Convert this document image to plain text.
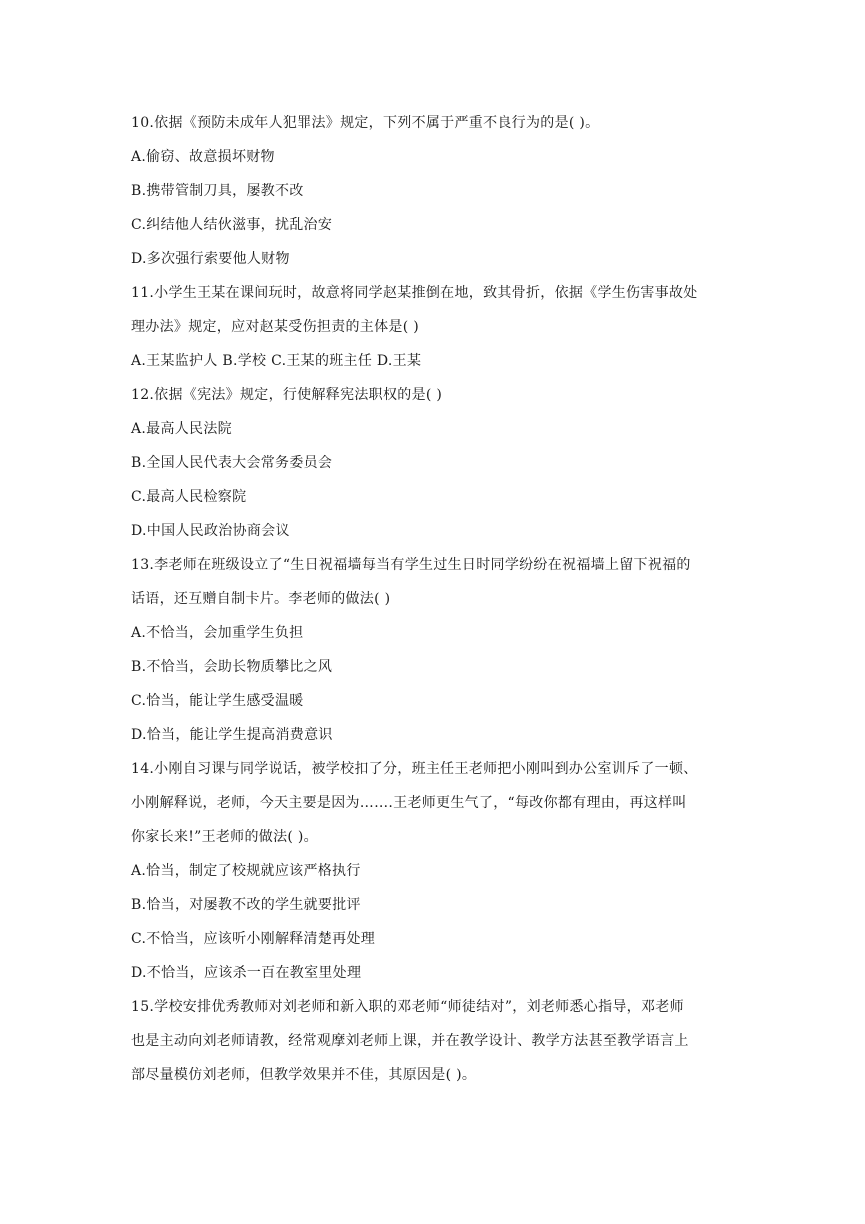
10.依据《预防未成年人犯罪法》规定，下列不属于严重不良行为的是( )。
A.偷窃、故意损坏财物
B.携带管制刀具，屡教不改
C.纠结他人结伙滋事，扰乱治安
D.多次强行索要他人财物
11.小学生王某在课间玩时，故意将同学赵某推倒在地，致其骨折，依据《学生伤害事故处
理办法》规定，应对赵某受伤担责的主体是( )
A.王某监护人 B.学校 C.王某的班主任 D.王某
12.依据《宪法》规定，行使解释宪法职权的是( )
A.最高人民法院
B.全国人民代表大会常务委员会
C.最高人民检察院
D.中国人民政治协商会议
13.李老师在班级设立了“生日祝福墙每当有学生过生日时同学纷纷在祝福墙上留下祝福的
话语，还互赠自制卡片。李老师的做法( )
A.不恰当，会加重学生负担
B.不恰当，会助长物质攀比之风
C.恰当，能让学生感受温暖
D.恰当，能让学生提高消费意识
14.小刚自习课与同学说话，被学校扣了分，班主任王老师把小刚叫到办公室训斥了一顿、
小刚解释说，老师，今天主要是因为…….王老师更生气了，“每改你都有理由，再这样叫
你家长来!”王老师的做法( )。
A.恰当，制定了校规就应该严格执行
B.恰当，对屡教不改的学生就要批评
C.不恰当，应该听小刚解释清楚再处理
D.不恰当，应该杀一百在教室里处理
15.学校安排优秀教师对刘老师和新入职的邓老师“师徒结对”，刘老师悉心指导，邓老师
也是主动向刘老师请教，经常观摩刘老师上课，并在教学设计、教学方法甚至教学语言上
部尽量模仿刘老师，但教学效果并不佳，其原因是( )。
